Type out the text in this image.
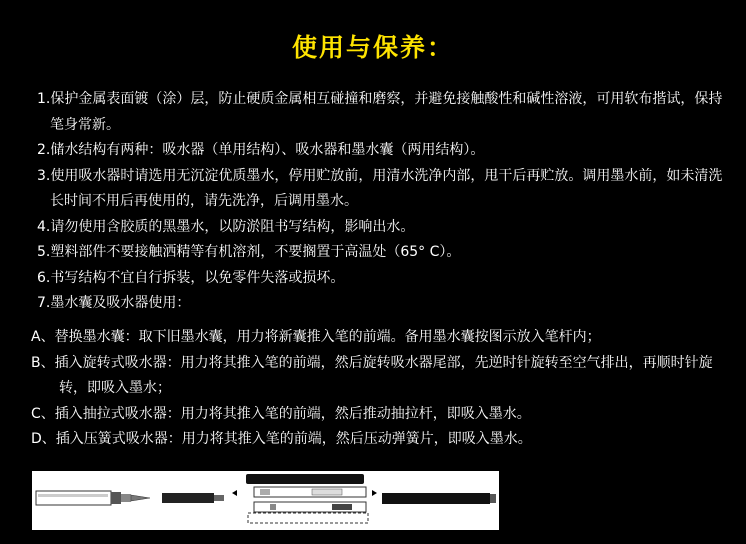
使用与保养：

1.保护金属表面镀（涂）层，防止硬质金属相互碰撞和磨察，并避免接触酸性和碱性溶液，可用软布揩试，保持笔身常新。

2.储水结构有两种：吸水器（单用结构）、吸水器和墨水囊（两用结构）。

3.使用吸水器时请选用无沉淀优质墨水，停用贮放前，用清水洗净内部，甩干后再贮放。调用墨水前，如未清洗长时间不用后再使用的，请先洗净，后调用墨水。

4.请勿使用含胶质的黑墨水，以防淤阻书写结构，影响出水。

5.塑料部件不要接触洒精等有机溶剂，不要搁置于高温处（65° C）。

6.书写结构不宜自行拆装，以免零件失落或损坏。

7.墨水囊及吸水器使用：

A、替换墨水囊：取下旧墨水囊，用力将新囊推入笔的前端。备用墨水囊按图示放入笔杆内；

B、插入旋转式吸水器：用力将其推入笔的前端，然后旋转吸水器尾部，先逆时针旋转至空气排出，再顺时针旋转，即吸入墨水；

C、插入抽拉式吸水器：用力将其推入笔的前端，然后推动抽拉杆，即吸入墨水。

D、插入压簧式吸水器：用力将其推入笔的前端，然后压动弹簧片，即吸入墨水。
